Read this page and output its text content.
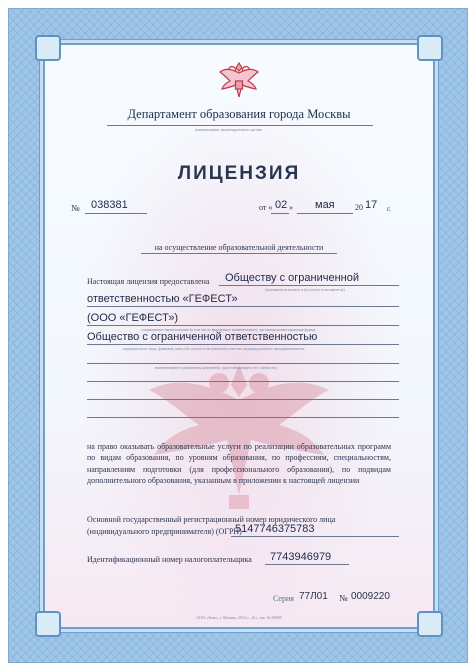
Департамент образования города Москвы
наименование лицензирующего органа
ЛИЦЕНЗИЯ
№ 038381	от « 02 » мая	20 17 г.
на осуществление образовательной деятельности
Настоящая лицензия предоставлена Обществу с ограниченной
(указывается полное и (в случае если имеется)
ответственностью «ГЕФЕСТ»
(ООО «ГЕФЕСТ»)
сокращенное наименование (в том числе фирменное наименование), организационно-правовая форма
Общество с ограниченной ответственностью
юридического лица, фамилия, имя и (в случае если имеется) отчество индивидуального предпринимателя,
наименование и реквизиты документа, удостоверяющего его личность)
на право оказывать образовательные услуги по реализации образовательных программ по видам образования, по уровням образования, по профессиям, специальностям, направлениям подготовки (для профессионального образования), по подвидам дополнительного образования, указанным в приложении к настоящей лицензии
Основной государственный регистрационный номер юридического лица
(индивидуального предпринимателя) (ОГРН)
5147746375783
Идентификационный номер налогоплательщика 7743946979
Серия 77Л01 № 0009220
ООО «Знак», г. Москва, 2013 г., «Б», зак. № 00000
